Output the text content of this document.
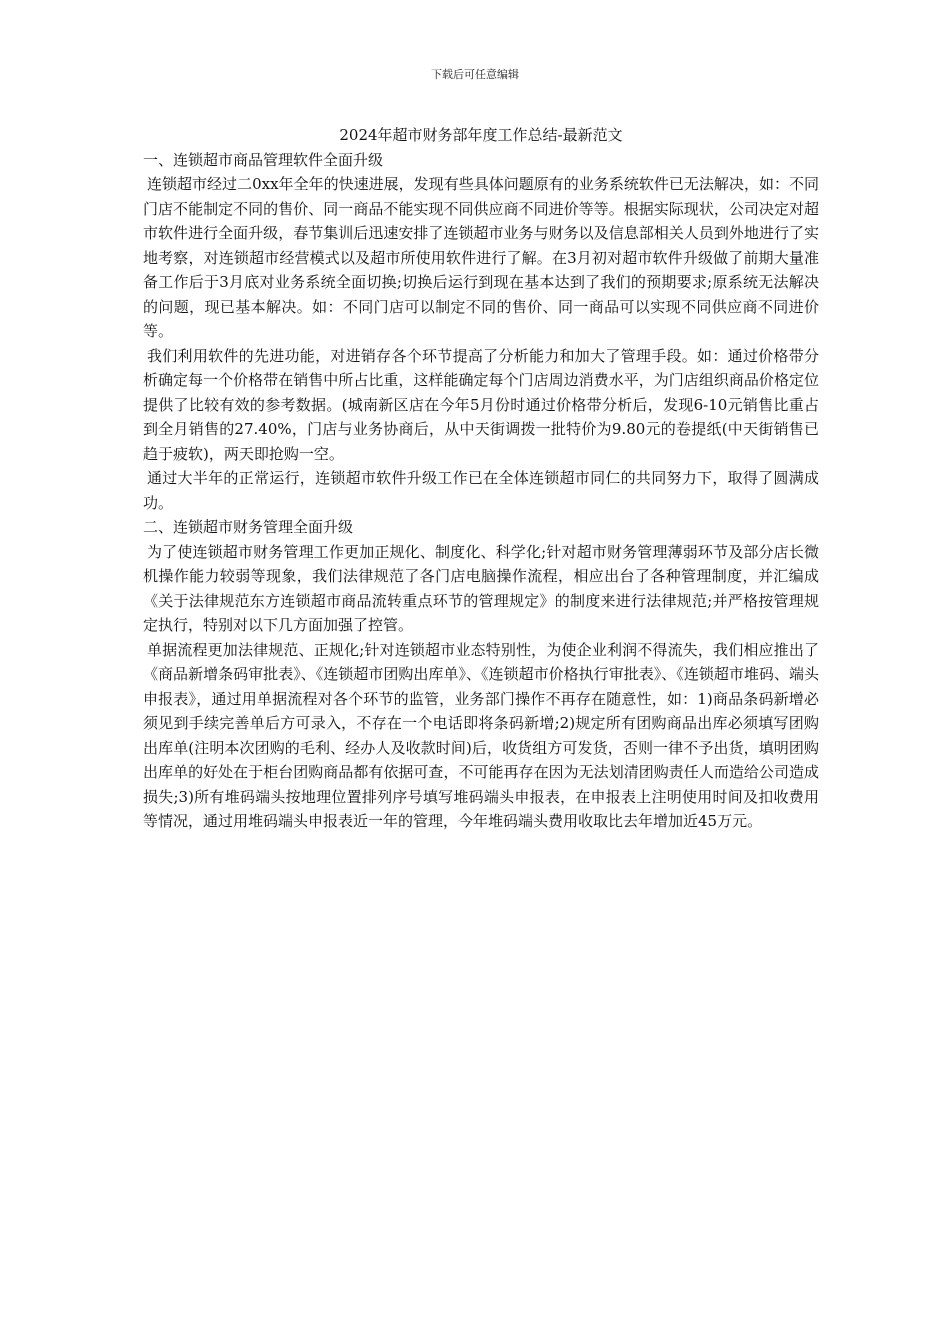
下载后可任意编辑
2024年超市财务部年度工作总结-最新范文
一、连锁超市商品管理软件全面升级

连锁超市经过二0xx年全年的快速进展，发现有些具体问题原有的业务系统软件已无法解决，如：不同门店不能制定不同的售价、同一商品不能实现不同供应商不同进价等等。根据实际现状，公司决定对超市软件进行全面升级，春节集训后迅速安排了连锁超市业务与财务以及信息部相关人员到外地进行了实地考察，对连锁超市经营模式以及超市所使用软件进行了解。在3月初对超市软件升级做了前期大量准备工作后于3月底对业务系统全面切换;切换后运行到现在基本达到了我们的预期要求;原系统无法解决的问题，现已基本解决。如：不同门店可以制定不同的售价、同一商品可以实现不同供应商不同进价等。

我们利用软件的先进功能，对进销存各个环节提高了分析能力和加大了管理手段。如：通过价格带分析确定每一个价格带在销售中所占比重，这样能确定每个门店周边消费水平，为门店组织商品价格定位提供了比较有效的参考数据。(城南新区店在今年5月份时通过价格带分析后，发现6-10元销售比重占到全月销售的27.40%，门店与业务协商后，从中天街调拨一批特价为9.80元的卷提纸(中天街销售已趋于疲软)，两天即抢购一空。

通过大半年的正常运行，连锁超市软件升级工作已在全体连锁超市同仁的共同努力下，取得了圆满成功。

二、连锁超市财务管理全面升级

为了使连锁超市财务管理工作更加正规化、制度化、科学化;针对超市财务管理薄弱环节及部分店长微机操作能力较弱等现象，我们法律规范了各门店电脑操作流程，相应出台了各种管理制度，并汇编成《关于法律规范东方连锁超市商品流转重点环节的管理规定》的制度来进行法律规范;并严格按管理规定执行，特别对以下几方面加强了控管。

单据流程更加法律规范、正规化;针对连锁超市业态特别性，为使企业利润不得流失，我们相应推出了《商品新增条码审批表》、《连锁超市团购出库单》、《连锁超市价格执行审批表》、《连锁超市堆码、端头申报表》，通过用单据流程对各个环节的监管，业务部门操作不再存在随意性，如：1)商品条码新增必须见到手续完善单后方可录入，不存在一个电话即将条码新增;2)规定所有团购商品出库必须填写团购出库单(注明本次团购的毛利、经办人及收款时间)后，收货组方可发货，否则一律不予出货，填明团购出库单的好处在于柜台团购商品都有依据可查，不可能再存在因为无法划清团购责任人而造给公司造成损失;3)所有堆码端头按地理位置排列序号填写堆码端头申报表，在申报表上注明使用时间及扣收费用等情况，通过用堆码端头申报表近一年的管理，今年堆码端头费用收取比去年增加近45万元。
